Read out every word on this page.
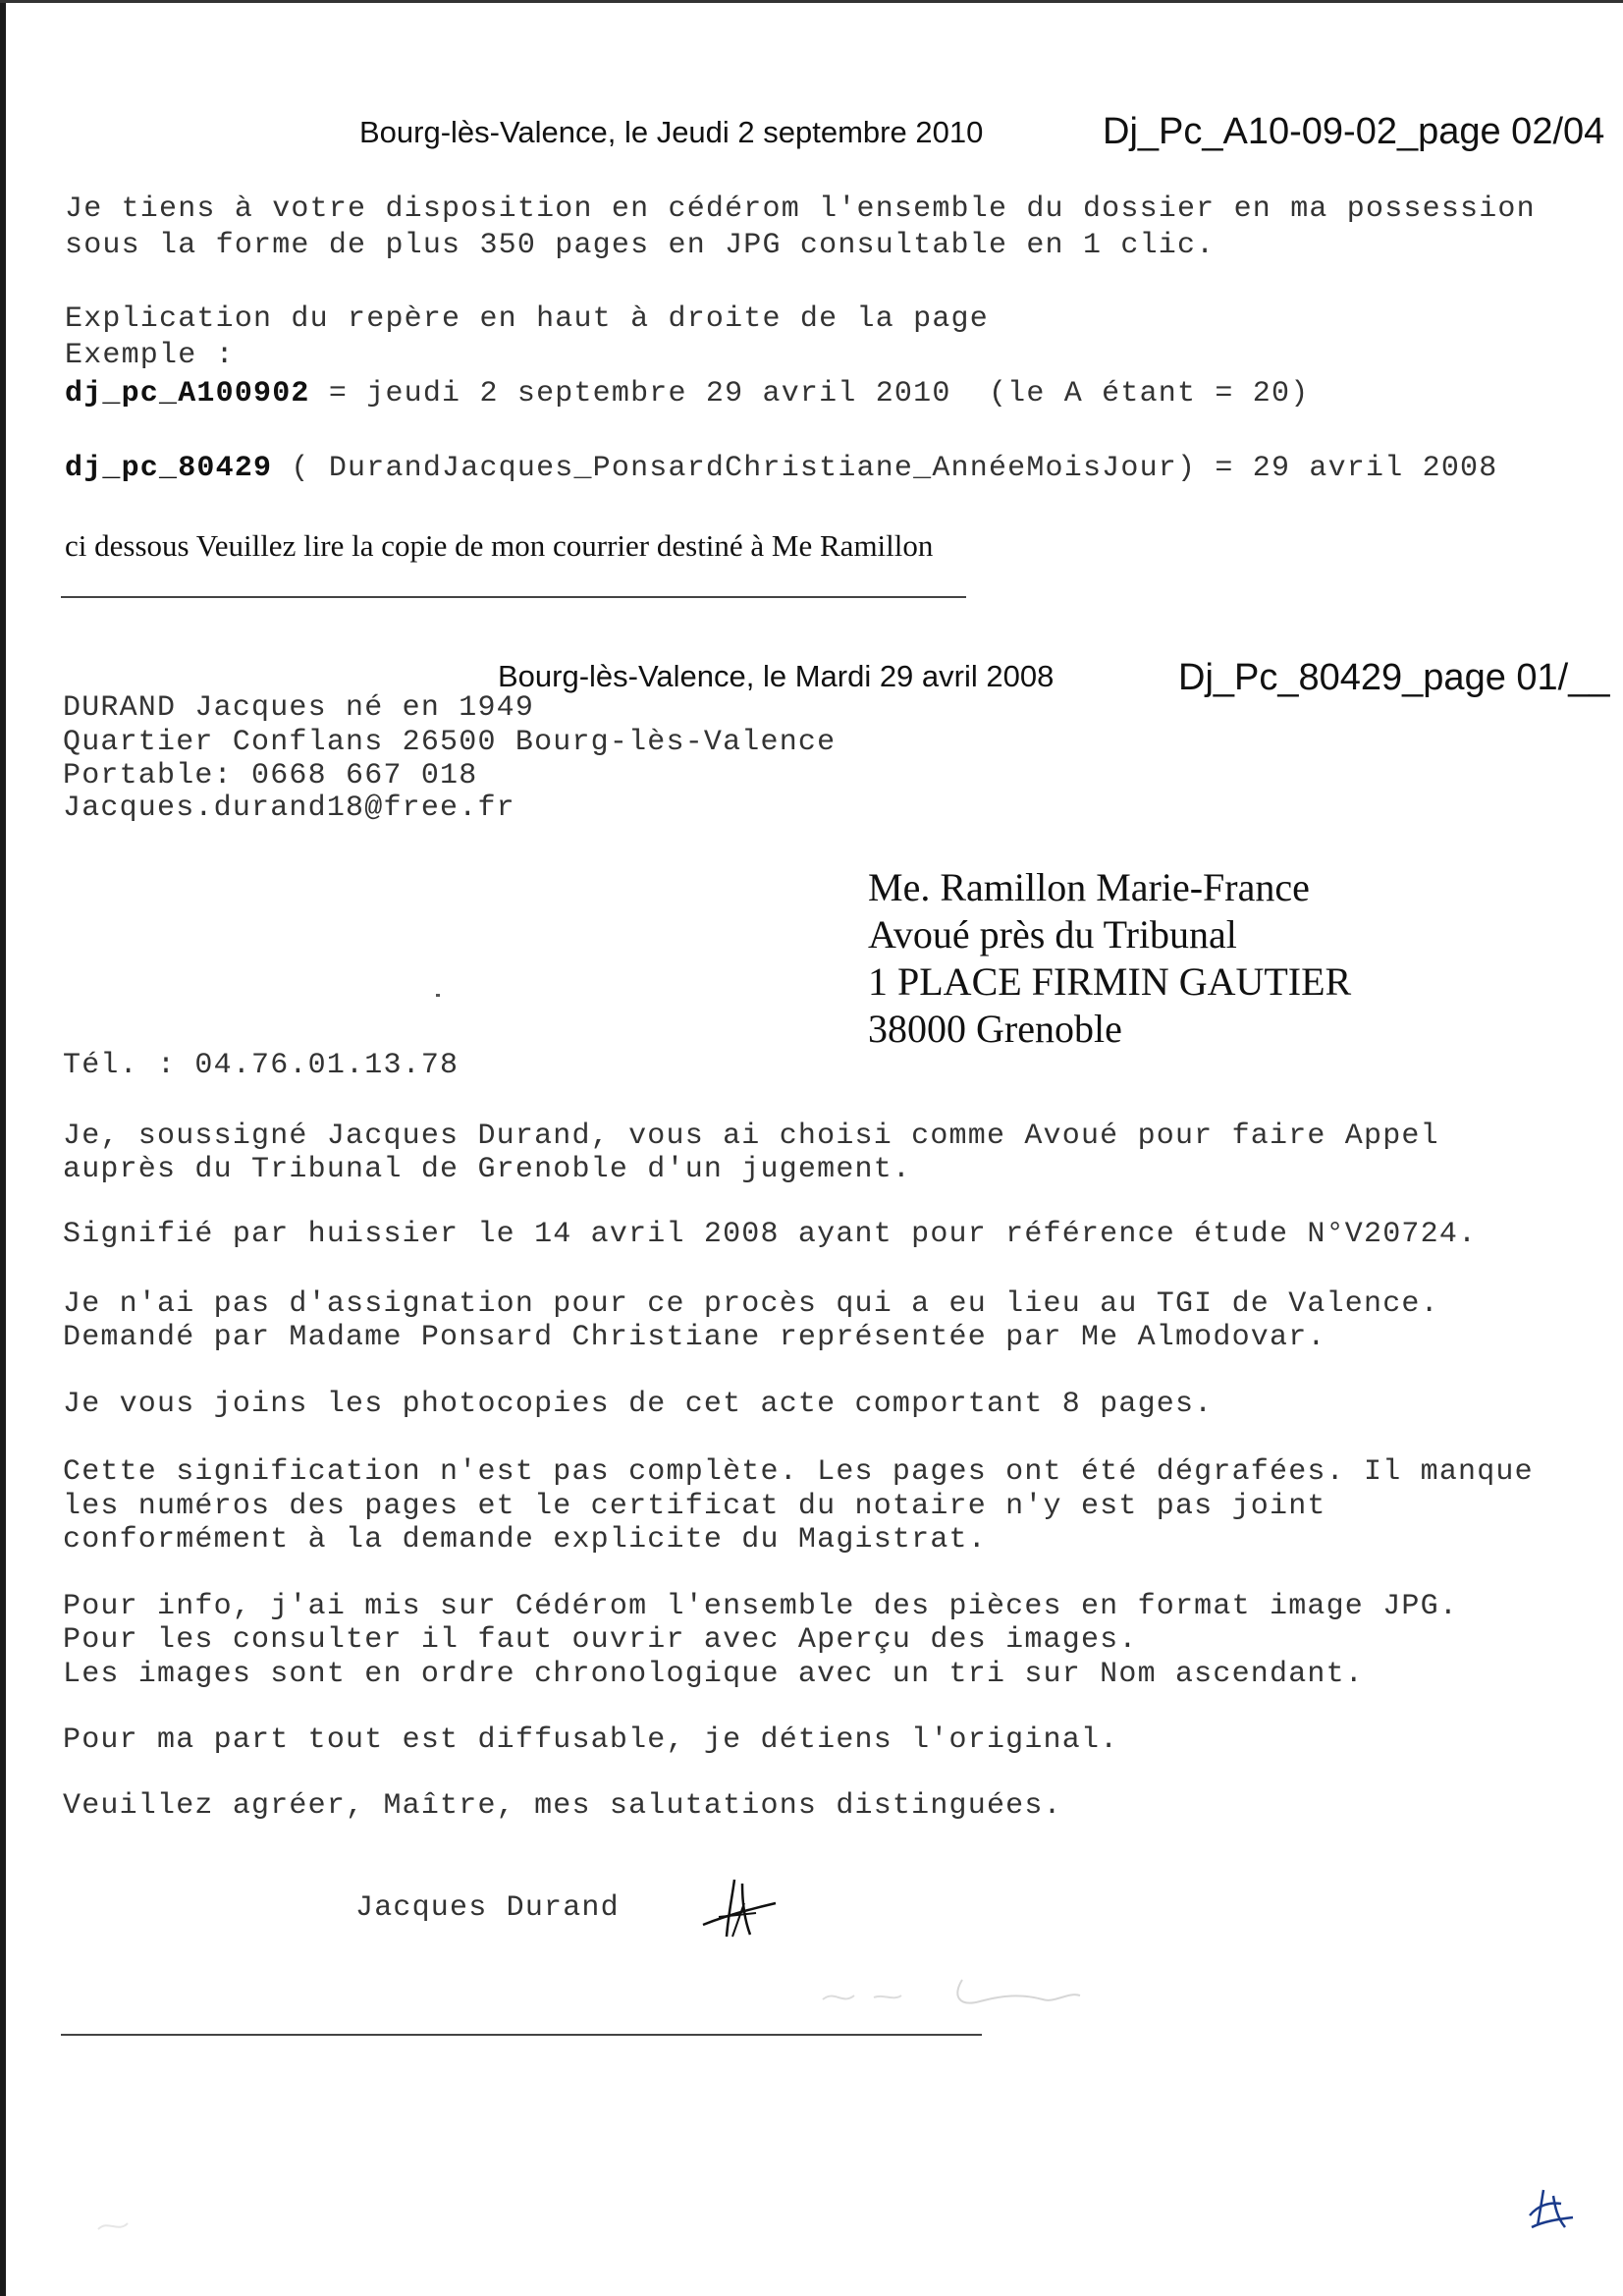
Bourg-lès-Valence, le Jeudi 2 septembre 2010	Dj_Pc_A10-09-02_page 02/04
Je tiens à votre disposition en cédérom l'ensemble du dossier en ma possession
sous la forme de plus 350 pages en JPG consultable en 1 clic.
Explication du repère en haut à droite de la page
Exemple :
dj_pc_A100902 = jeudi 2 septembre 29 avril 2010  (le A étant = 20)
dj_pc_80429 ( DurandJacques_PonsardChristiane_AnnéeMoisJour) = 29 avril 2008
ci dessous Veuillez lire la copie de mon courrier destiné à Me Ramillon
Bourg-lès-Valence, le Mardi 29 avril 2008	Dj_Pc_80429_page 01/__
DURAND Jacques né en 1949
Quartier Conflans 26500 Bourg-lès-Valence
Portable: 0668 667 018
Jacques.durand18@free.fr
Me. Ramillon Marie-France
Avoué près du Tribunal
1 PLACE FIRMIN GAUTIER
38000 Grenoble
Tél. : 04.76.01.13.78
Je, soussigné Jacques Durand, vous ai choisi comme Avoué pour faire Appel
auprès du Tribunal de Grenoble d'un jugement.
Signifié par huissier le 14 avril 2008 ayant pour référence étude N°V20724.
Je n'ai pas d'assignation pour ce procès qui a eu lieu au TGI de Valence.
Demandé par Madame Ponsard Christiane représentée par Me Almodovar.
Je vous joins les photocopies de cet acte comportant 8 pages.
Cette signification n'est pas complète. Les pages ont été dégrafées. Il manque
les numéros des pages et le certificat du notaire n'y est pas joint
conformément à la demande explicite du Magistrat.
Pour info, j'ai mis sur Cédérom l'ensemble des pièces en format image JPG.
Pour les consulter il faut ouvrir avec Aperçu des images.
Les images sont en ordre chronologique avec un tri sur Nom ascendant.
Pour ma part tout est diffusable, je détiens l'original.
Veuillez agréer, Maître, mes salutations distinguées.
Jacques Durand
